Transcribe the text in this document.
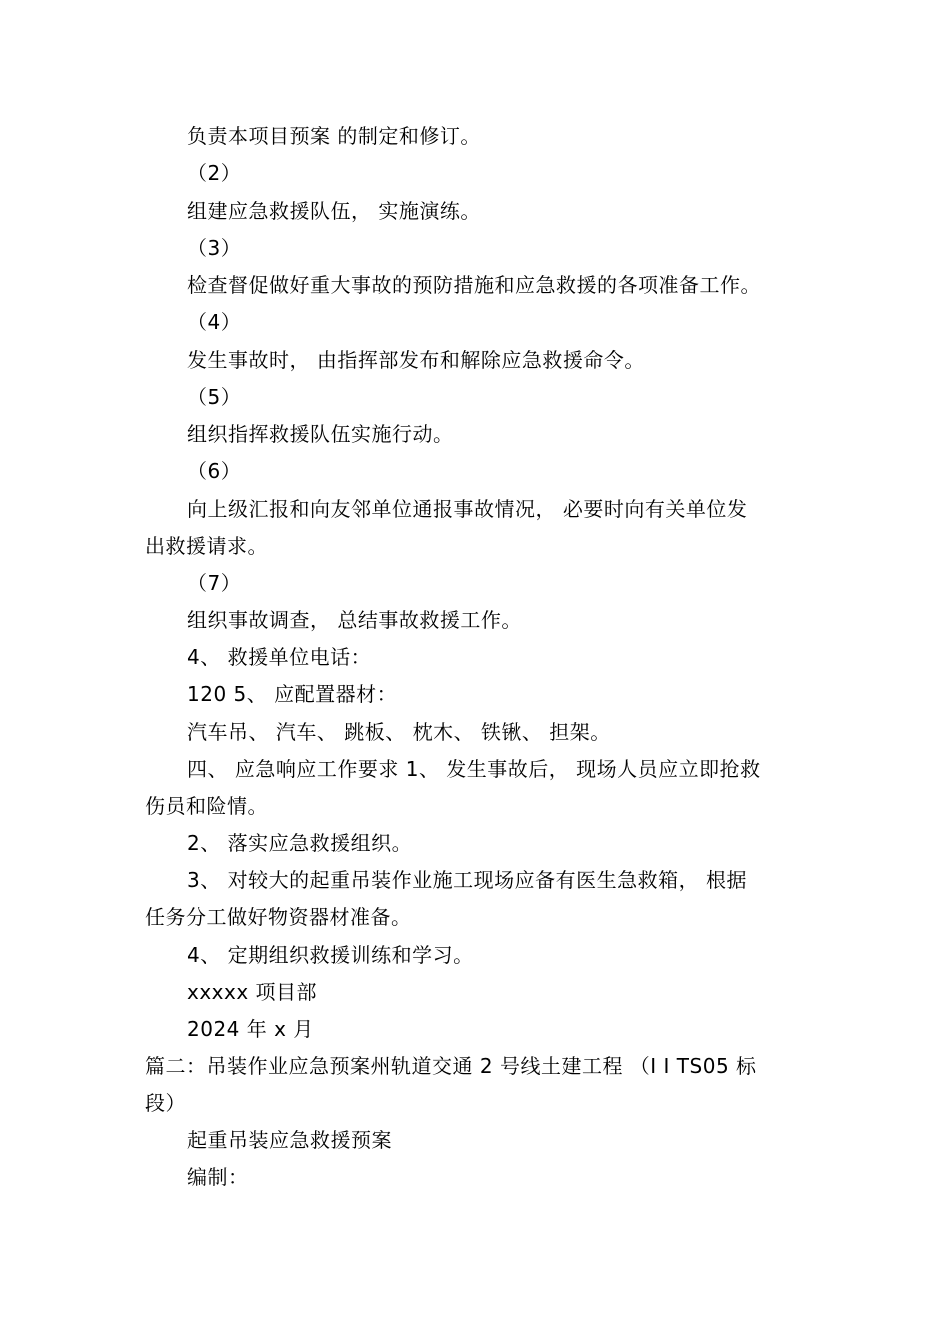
负责本项目预案 的制定和修订。
（2）
组建应急救援队伍， 实施演练。
（3）
检查督促做好重大事故的预防措施和应急救援的各项准备工作。
（4）
发生事故时， 由指挥部发布和解除应急救援命令。
（5）
组织指挥救援队伍实施行动。
（6）
向上级汇报和向友邻单位通报事故情况， 必要时向有关单位发
出救援请求。
（7）
组织事故调查， 总结事故救援工作。
4、 救援单位电话：
120 5、 应配置器材：
汽车吊、 汽车、 跳板、 枕木、 铁锹、 担架。
四、 应急响应工作要求 1、 发生事故后， 现场人员应立即抢救
伤员和险情。
2、 落实应急救援组织。
3、 对较大的起重吊装作业施工现场应备有医生急救箱， 根据
任务分工做好物资器材准备。
4、 定期组织救援训练和学习。
xxxxx 项目部
2024 年 x 月
篇二：吊装作业应急预案州轨道交通 2 号线土建工程 （I I TS05 标
段）
起重吊装应急救援预案
编制：
